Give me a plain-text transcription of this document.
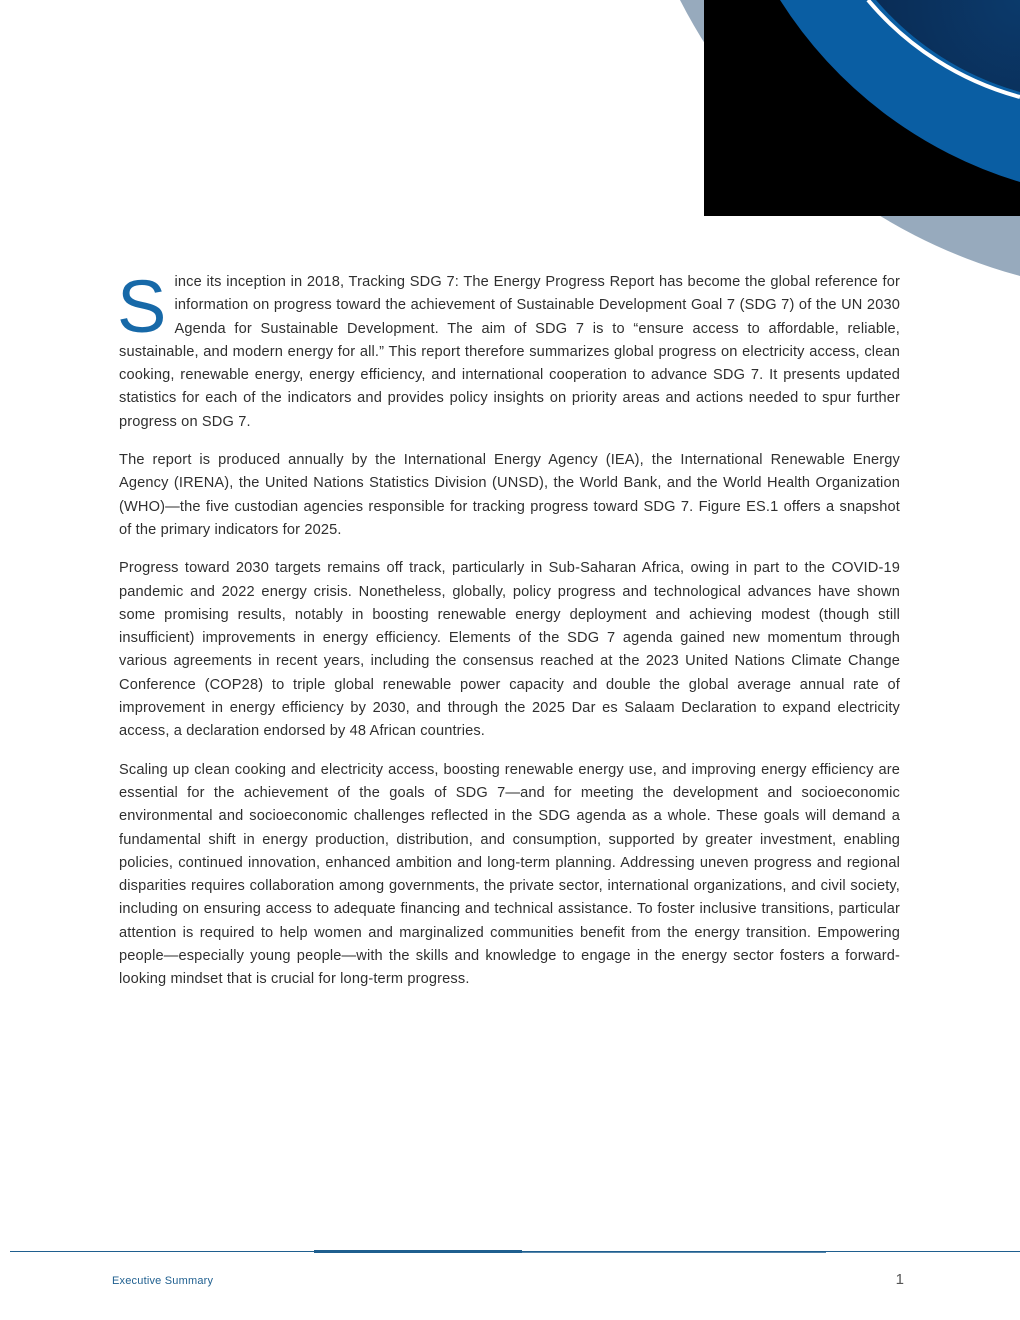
Since its inception in 2018, Tracking SDG 7: The Energy Progress Report has become the global reference for information on progress toward the achievement of Sustainable Development Goal 7 (SDG 7) of the UN 2030 Agenda for Sustainable Development. The aim of SDG 7 is to “ensure access to affordable, reliable, sustainable, and modern energy for all.” This report therefore summarizes global progress on electricity access, clean cooking, renewable energy, energy efficiency, and international cooperation to advance SDG 7. It presents updated statistics for each of the indicators and provides policy insights on priority areas and actions needed to spur further progress on SDG 7.

The report is produced annually by the International Energy Agency (IEA), the International Renewable Energy Agency (IRENA), the United Nations Statistics Division (UNSD), the World Bank, and the World Health Organization (WHO)—the five custodian agencies responsible for tracking progress toward SDG 7. Figure ES.1 offers a snapshot of the primary indicators for 2025.

Progress toward 2030 targets remains off track, particularly in Sub-Saharan Africa, owing in part to the COVID-19 pandemic and 2022 energy crisis. Nonetheless, globally, policy progress and technological advances have shown some promising results, notably in boosting renewable energy deployment and achieving modest (though still insufficient) improvements in energy efficiency. Elements of the SDG 7 agenda gained new momentum through various agreements in recent years, including the consensus reached at the 2023 United Nations Climate Change Conference (COP28) to triple global renewable power capacity and double the global average annual rate of improvement in energy efficiency by 2030, and through the 2025 Dar es Salaam Declaration to expand electricity access, a declaration endorsed by 48 African countries.

Scaling up clean cooking and electricity access, boosting renewable energy use, and improving energy efficiency are essential for the achievement of the goals of SDG 7—and for meeting the development and socioeconomic environmental and socioeconomic challenges reflected in the SDG agenda as a whole. These goals will demand a fundamental shift in energy production, distribution, and consumption, supported by greater investment, enabling policies, continued innovation, enhanced ambition and long-term planning. Addressing uneven progress and regional disparities requires collaboration among governments, the private sector, international organizations, and civil society, including on ensuring access to adequate financing and technical assistance. To foster inclusive transitions, particular attention is required to help women and marginalized communities benefit from the energy transition. Empowering people—especially young people—with the skills and knowledge to engage in the energy sector fosters a forward-looking mindset that is crucial for long-term progress.

Executive Summary	1
